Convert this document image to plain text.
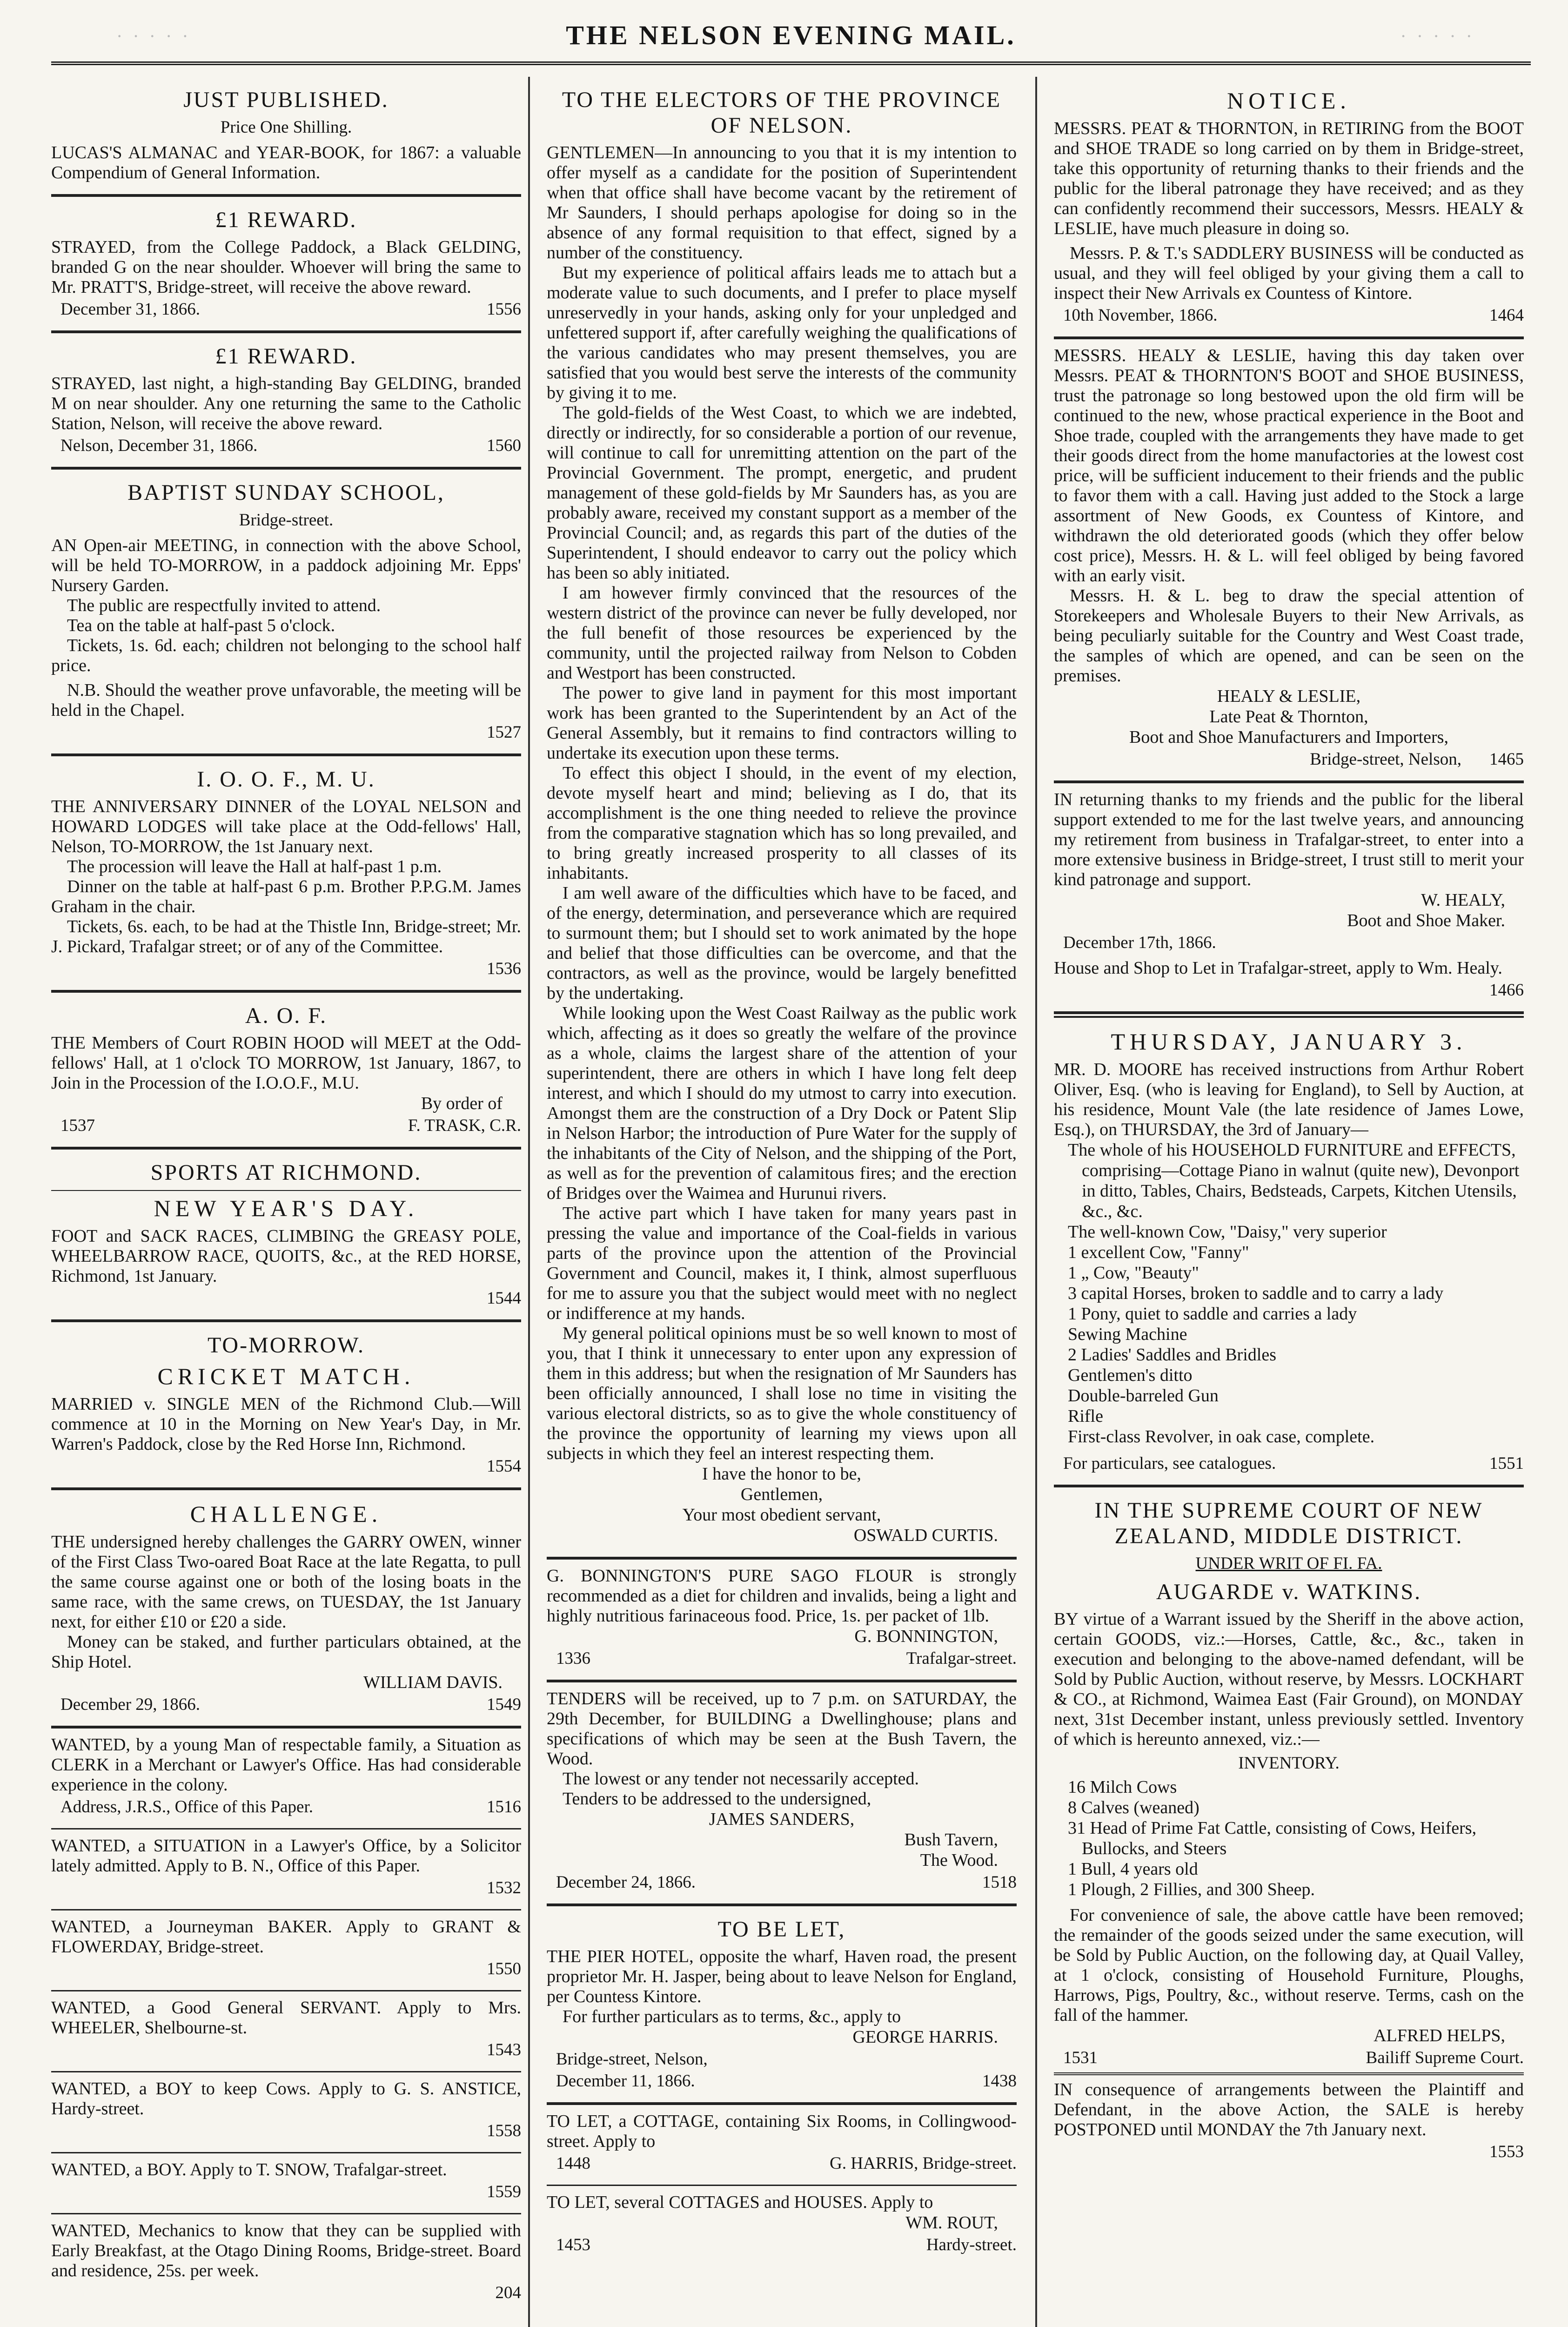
· · · · ·	THE NELSON EVENING MAIL.	· · · · ·
JUST PUBLISHED.
Price One Shilling.
LUCAS'S ALMANAC and YEAR-BOOK, for 1867: a valuable Compendium of General Information.
£1 REWARD.
STRAYED, from the College Paddock, a Black GELDING, branded G on the near shoulder. Whoever will bring the same to Mr. PRATT'S, Bridge-street, will receive the above reward.
December 31, 1866.	1556
£1 REWARD.
STRAYED, last night, a high-standing Bay GELDING, branded M on near shoulder. Any one returning the same to the Catholic Station, Nelson, will receive the above reward.
Nelson, December 31, 1866.	1560
BAPTIST SUNDAY SCHOOL,
Bridge-street.
AN Open-air MEETING, in connection with the above School, will be held TO-MORROW, in a paddock adjoining Mr. Epps' Nursery Garden.
The public are respectfully invited to attend.
Tea on the table at half-past 5 o'clock.
Tickets, 1s. 6d. each; children not belonging to the school half price.
N.B. Should the weather prove unfavorable, the meeting will be held in the Chapel.
1527
I. O. O. F., M. U.
THE ANNIVERSARY DINNER of the LOYAL NELSON and HOWARD LODGES will take place at the Odd-fellows' Hall, Nelson, TO-MORROW, the 1st January next.
The procession will leave the Hall at half-past 1 p.m.
Dinner on the table at half-past 6 p.m. Brother P.P.G.M. James Graham in the chair.
Tickets, 6s. each, to be had at the Thistle Inn, Bridge-street; Mr. J. Pickard, Trafalgar street; or of any of the Committee.
1536
A. O. F.
THE Members of Court ROBIN HOOD will MEET at the Odd-fellows' Hall, at 1 o'clock TO MORROW, 1st January, 1867, to Join in the Procession of the I.O.O.F., M.U.
By order of
1537	F. TRASK, C.R.
SPORTS AT RICHMOND.
NEW YEAR'S DAY.
FOOT and SACK RACES, CLIMBING the GREASY POLE, WHEELBARROW RACE, QUOITS, &c., at the RED HORSE, Richmond, 1st January.
1544
TO-MORROW.
CRICKET MATCH.
MARRIED v. SINGLE MEN of the Richmond Club.—Will commence at 10 in the Morning on New Year's Day, in Mr. Warren's Paddock, close by the Red Horse Inn, Richmond.
1554
CHALLENGE.
THE undersigned hereby challenges the GARRY OWEN, winner of the First Class Two-oared Boat Race at the late Regatta, to pull the same course against one or both of the losing boats in the same race, with the same crews, on TUESDAY, the 1st January next, for either £10 or £20 a side.
Money can be staked, and further particulars obtained, at the Ship Hotel.
WILLIAM DAVIS.
December 29, 1866.	1549
WANTED, by a young Man of respectable family, a Situation as CLERK in a Merchant or Lawyer's Office. Has had considerable experience in the colony.
Address, J.R.S., Office of this Paper.	1516
WANTED, a SITUATION in a Lawyer's Office, by a Solicitor lately admitted. Apply to B. N., Office of this Paper.
1532
WANTED, a Journeyman BAKER. Apply to GRANT & FLOWERDAY, Bridge-street.
1550
WANTED, a Good General SERVANT. Apply to Mrs. WHEELER, Shelbourne-st.
1543
WANTED, a BOY to keep Cows. Apply to G. S. ANSTICE, Hardy-street.
1558
WANTED, a BOY. Apply to T. SNOW, Trafalgar-street.
1559
WANTED, Mechanics to know that they can be supplied with Early Breakfast, at the Otago Dining Rooms, Bridge-street. Board and residence, 25s. per week.
204
TO THE ELECTORS OF THE PROVINCE OF NELSON.
GENTLEMEN—In announcing to you that it is my intention to offer myself as a candidate for the position of Superintendent when that office shall have become vacant by the retirement of Mr Saunders, I should perhaps apologise for doing so in the absence of any formal requisition to that effect, signed by a number of the constituency.
But my experience of political affairs leads me to attach but a moderate value to such documents, and I prefer to place myself unreservedly in your hands, asking only for your unpledged and unfettered support if, after carefully weighing the qualifications of the various candidates who may present themselves, you are satisfied that you would best serve the interests of the community by giving it to me.
The gold-fields of the West Coast, to which we are indebted, directly or indirectly, for so considerable a portion of our revenue, will continue to call for unremitting attention on the part of the Provincial Government. The prompt, energetic, and prudent management of these gold-fields by Mr Saunders has, as you are probably aware, received my constant support as a member of the Provincial Council; and, as regards this part of the duties of the Superintendent, I should endeavor to carry out the policy which has been so ably initiated.
I am however firmly convinced that the resources of the western district of the province can never be fully developed, nor the full benefit of those resources be experienced by the community, until the projected railway from Nelson to Cobden and Westport has been constructed.
The power to give land in payment for this most important work has been granted to the Superintendent by an Act of the General Assembly, but it remains to find contractors willing to undertake its execution upon these terms.
To effect this object I should, in the event of my election, devote myself heart and mind; believing as I do, that its accomplishment is the one thing needed to relieve the province from the comparative stagnation which has so long prevailed, and to bring greatly increased prosperity to all classes of its inhabitants.
I am well aware of the difficulties which have to be faced, and of the energy, determination, and perseverance which are required to surmount them; but I should set to work animated by the hope and belief that those difficulties can be overcome, and that the contractors, as well as the province, would be largely benefitted by the undertaking.
While looking upon the West Coast Railway as the public work which, affecting as it does so greatly the welfare of the province as a whole, claims the largest share of the attention of your superintendent, there are others in which I have long felt deep interest, and which I should do my utmost to carry into execution. Amongst them are the construction of a Dry Dock or Patent Slip in Nelson Harbor; the introduction of Pure Water for the supply of the inhabitants of the City of Nelson, and the shipping of the Port, as well as for the prevention of calamitous fires; and the erection of Bridges over the Waimea and Hurunui rivers.
The active part which I have taken for many years past in pressing the value and importance of the Coal-fields in various parts of the province upon the attention of the Provincial Government and Council, makes it, I think, almost superfluous for me to assure you that the subject would meet with no neglect or indifference at my hands.
My general political opinions must be so well known to most of you, that I think it unnecessary to enter upon any expression of them in this address; but when the resignation of Mr Saunders has been officially announced, I shall lose no time in visiting the various electoral districts, so as to give the whole constituency of the province the opportunity of learning my views upon all subjects in which they feel an interest respecting them.
I have the honor to be,
Gentlemen,
Your most obedient servant,
OSWALD CURTIS.
G. BONNINGTON'S PURE SAGO FLOUR is strongly recommended as a diet for children and invalids, being a light and highly nutritious farinaceous food. Price, 1s. per packet of 1lb.
G. BONNINGTON,
1336	Trafalgar-street.
TENDERS will be received, up to 7 p.m. on SATURDAY, the 29th December, for BUILDING a Dwellinghouse; plans and specifications of which may be seen at the Bush Tavern, the Wood.
The lowest or any tender not necessarily accepted.
Tenders to be addressed to the undersigned,
JAMES SANDERS,
Bush Tavern,
The Wood.
December 24, 1866.	1518
TO BE LET,
THE PIER HOTEL, opposite the wharf, Haven road, the present proprietor Mr. H. Jasper, being about to leave Nelson for England, per Countess Kintore.
For further particulars as to terms, &c., apply to
GEORGE HARRIS.
Bridge-street, Nelson,
December 11, 1866.	1438
TO LET, a COTTAGE, containing Six Rooms, in Collingwood-street. Apply to
1448	G. HARRIS, Bridge-street.
TO LET, several COTTAGES and HOUSES. Apply to
WM. ROUT,
1453	Hardy-street.
NOTICE.
MESSRS. PEAT & THORNTON, in RETIRING from the BOOT and SHOE TRADE so long carried on by them in Bridge-street, take this opportunity of returning thanks to their friends and the public for the liberal patronage they have received; and as they can confidently recommend their successors, Messrs. HEALY & LESLIE, have much pleasure in doing so.
Messrs. P. & T.'s SADDLERY BUSINESS will be conducted as usual, and they will feel obliged by your giving them a call to inspect their New Arrivals ex Countess of Kintore.
10th November, 1866.	1464
MESSRS. HEALY & LESLIE, having this day taken over Messrs. PEAT & THORNTON'S BOOT and SHOE BUSINESS, trust the patronage so long bestowed upon the old firm will be continued to the new, whose practical experience in the Boot and Shoe trade, coupled with the arrangements they have made to get their goods direct from the home manufactories at the lowest cost price, will be sufficient inducement to their friends and the public to favor them with a call. Having just added to the Stock a large assortment of New Goods, ex Countess of Kintore, and withdrawn the old deteriorated goods (which they offer below cost price), Messrs. H. & L. will feel obliged by being favored with an early visit.
Messrs. H. & L. beg to draw the special attention of Storekeepers and Wholesale Buyers to their New Arrivals, as being peculiarly suitable for the Country and West Coast trade, the samples of which are opened, and can be seen on the premises.
HEALY & LESLIE,
Late Peat & Thornton,
Boot and Shoe Manufacturers and Importers,
Bridge-street, Nelson, 1465
IN returning thanks to my friends and the public for the liberal support extended to me for the last twelve years, and announcing my retirement from business in Trafalgar-street, to enter into a more extensive business in Bridge-street, I trust still to merit your kind patronage and support.
W. HEALY,
Boot and Shoe Maker.
December 17th, 1866.
House and Shop to Let in Trafalgar-street, apply to Wm. Healy.
1466
THURSDAY, JANUARY 3.
MR. D. MOORE has received instructions from Arthur Robert Oliver, Esq. (who is leaving for England), to Sell by Auction, at his residence, Mount Vale (the late residence of James Lowe, Esq.), on THURSDAY, the 3rd of January—
The whole of his HOUSEHOLD FURNITURE and EFFECTS, comprising—Cottage Piano in walnut (quite new), Devonport in ditto, Tables, Chairs, Bedsteads, Carpets, Kitchen Utensils, &c., &c.
The well-known Cow, "Daisy," very superior
1 excellent Cow, "Fanny"
1 „ Cow, "Beauty"
3 capital Horses, broken to saddle and to carry a lady
1 Pony, quiet to saddle and carries a lady
Sewing Machine
2 Ladies' Saddles and Bridles
Gentlemen's ditto
Double-barreled Gun
Rifle
First-class Revolver, in oak case, complete.
For particulars, see catalogues.	1551
IN THE SUPREME COURT OF NEW ZEALAND, MIDDLE DISTRICT.
UNDER WRIT OF FI. FA.
AUGARDE v. WATKINS.
BY virtue of a Warrant issued by the Sheriff in the above action, certain GOODS, viz.:—Horses, Cattle, &c., &c., taken in execution and belonging to the above-named defendant, will be Sold by Public Auction, without reserve, by Messrs. LOCKHART & CO., at Richmond, Waimea East (Fair Ground), on MONDAY next, 31st December instant, unless previously settled. Inventory of which is hereunto annexed, viz.:—
INVENTORY.
16 Milch Cows
8 Calves (weaned)
31 Head of Prime Fat Cattle, consisting of Cows, Heifers, Bullocks, and Steers
1 Bull, 4 years old
1 Plough, 2 Fillies, and 300 Sheep.
For convenience of sale, the above cattle have been removed; the remainder of the goods seized under the same execution, will be Sold by Public Auction, on the following day, at Quail Valley, at 1 o'clock, consisting of Household Furniture, Ploughs, Harrows, Pigs, Poultry, &c., without reserve. Terms, cash on the fall of the hammer.
ALFRED HELPS,
1531	Bailiff Supreme Court.
IN consequence of arrangements between the Plaintiff and Defendant, in the above Action, the SALE is hereby POSTPONED until MONDAY the 7th January next.
1553
